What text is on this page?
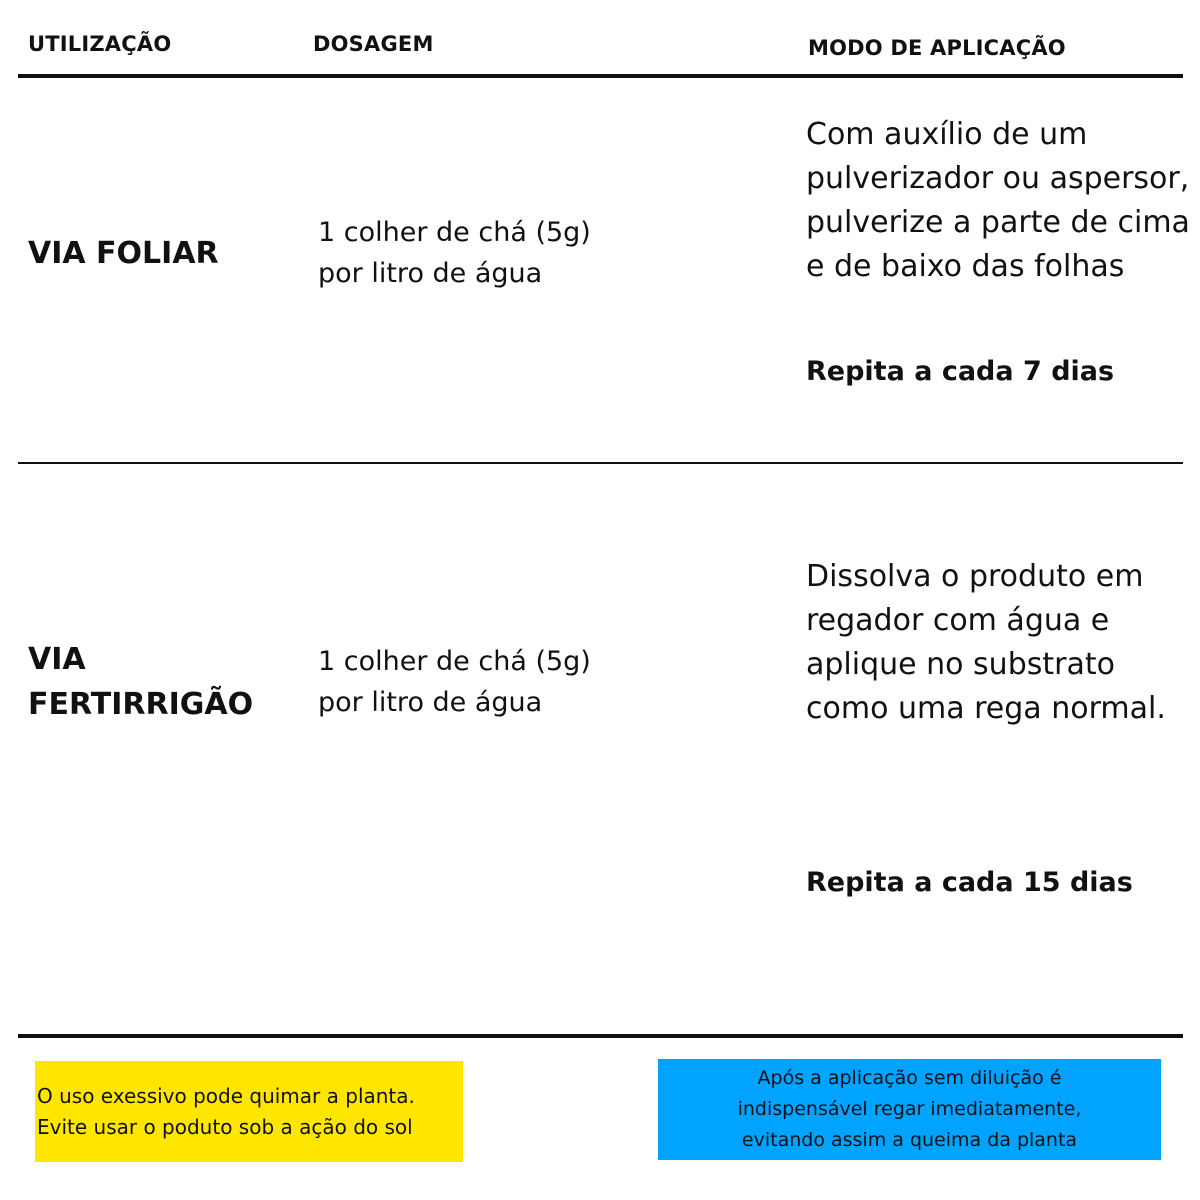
UTILIZAÇÃO	DOSAGEM	MODO DE APLICAÇÃO
VIA FOLIAR
1 colher de chá (5g)
por litro de água
Com auxílio de um pulverizador ou aspersor, pulverize a parte de cima e de baixo das folhas
Repita a cada 7 dias
VIA
FERTIRRIGÃO
1 colher de chá (5g)
por litro de água
Dissolva o produto em regador com água e aplique no substrato como uma rega normal.
Repita a cada 15 dias
O uso exessivo pode quimar a planta.
Evite usar o poduto sob a ação do sol
Após a aplicação sem diluição é
indispensável regar imediatamente,
evitando assim a queima da planta
